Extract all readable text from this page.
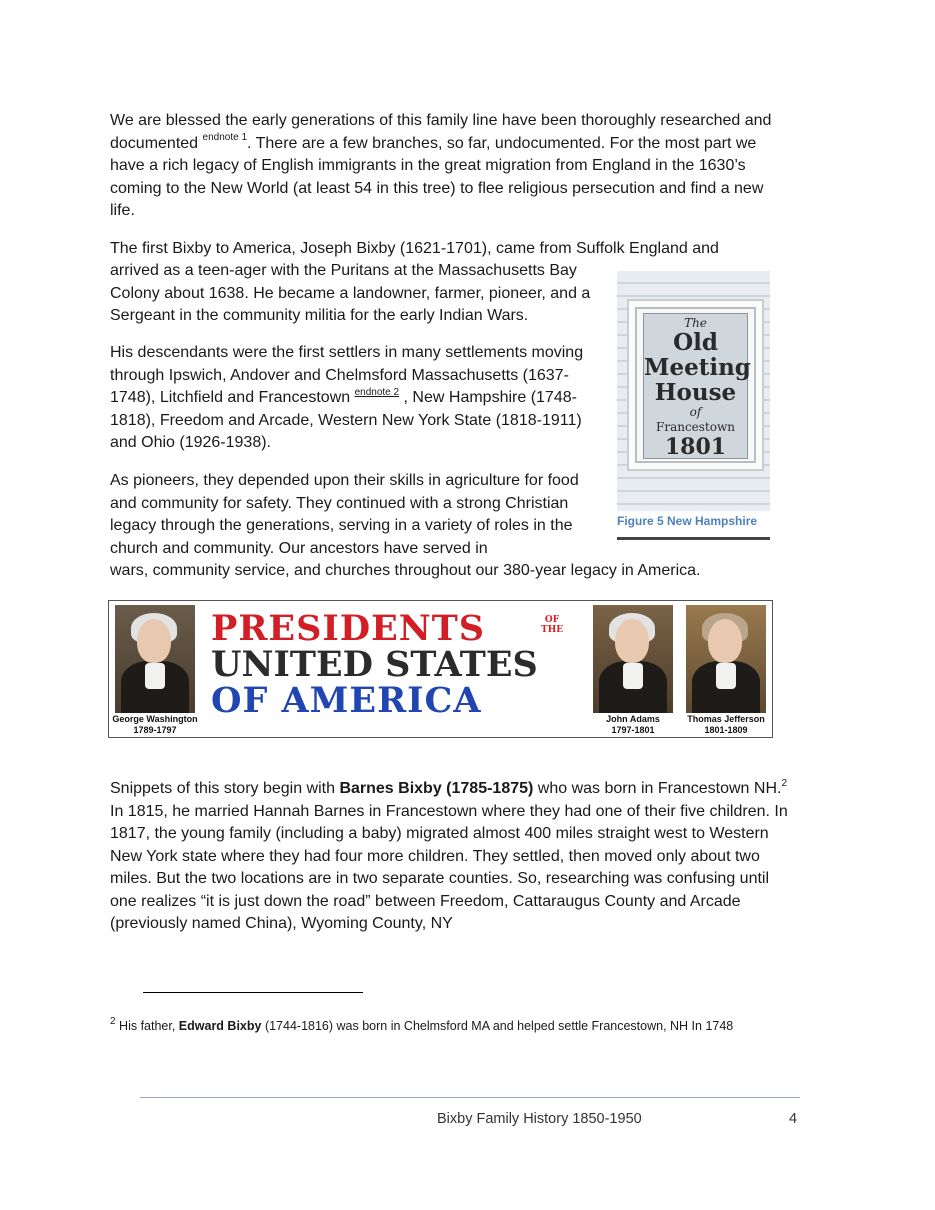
We are blessed the early generations of this family line have been thoroughly researched and documented $^{endnote 1}$. There are a few branches, so far, undocumented. For the most part we have a rich legacy of English immigrants in the great migration from England in the 1630’s coming to the New World (at least 54 in this tree) to flee religious persecution and find a new life.

The first Bixby to America, Joseph Bixby (1621-1701), came from Suffolk England and

arrived as a teen-ager with the Puritans at the Massachusetts Bay Colony about 1638. He became a landowner, farmer, pioneer, and a Sergeant in the community militia for the early Indian Wars.

His descendants were the first settlers in many settlements moving through Ipswich, Andover and Chelmsford Massachusetts (1637-1748), Litchfield and Francestown $^{endnote 2}$ , New Hampshire (1748-1818), Freedom and Arcade, Western New York State (1818-1911) and Ohio (1926-1938).

As pioneers, they depended upon their skills in agriculture for food and community for safety. They continued with a strong Christian legacy through the generations, serving in a variety of roles in the church and community. Our ancestors have served in

wars, community service, and churches throughout our 380-year legacy in America.

The
Old
Meeting
House
of
Francestown
1801
Figure 5 New Hampshire
George Washington
1789-1797
PRESIDENTS
UNITED STATES
OF AMERICA
OF
THE
John Adams
1797-1801
Thomas Jefferson
1801-1809

Snippets of this story begin with Barnes Bixby (1785-1875) who was born in Francestown NH.$^2$ In 1815, he married Hannah Barnes in Francestown where they had one of their five children. In 1817, the young family (including a baby) migrated almost 400 miles straight west to Western New York state where they had four more children. They settled, then moved only about two miles. But the two locations are in two separate counties. So, researching was confusing until one realizes “it is just down the road” between Freedom, Cattaraugus County and Arcade (previously named China), Wyoming County, NY

$^2$ His father, Edward Bixby (1744-1816) was born in Chelmsford MA and helped settle Francestown, NH In 1748

Bixby Family History 1850-1950	4
